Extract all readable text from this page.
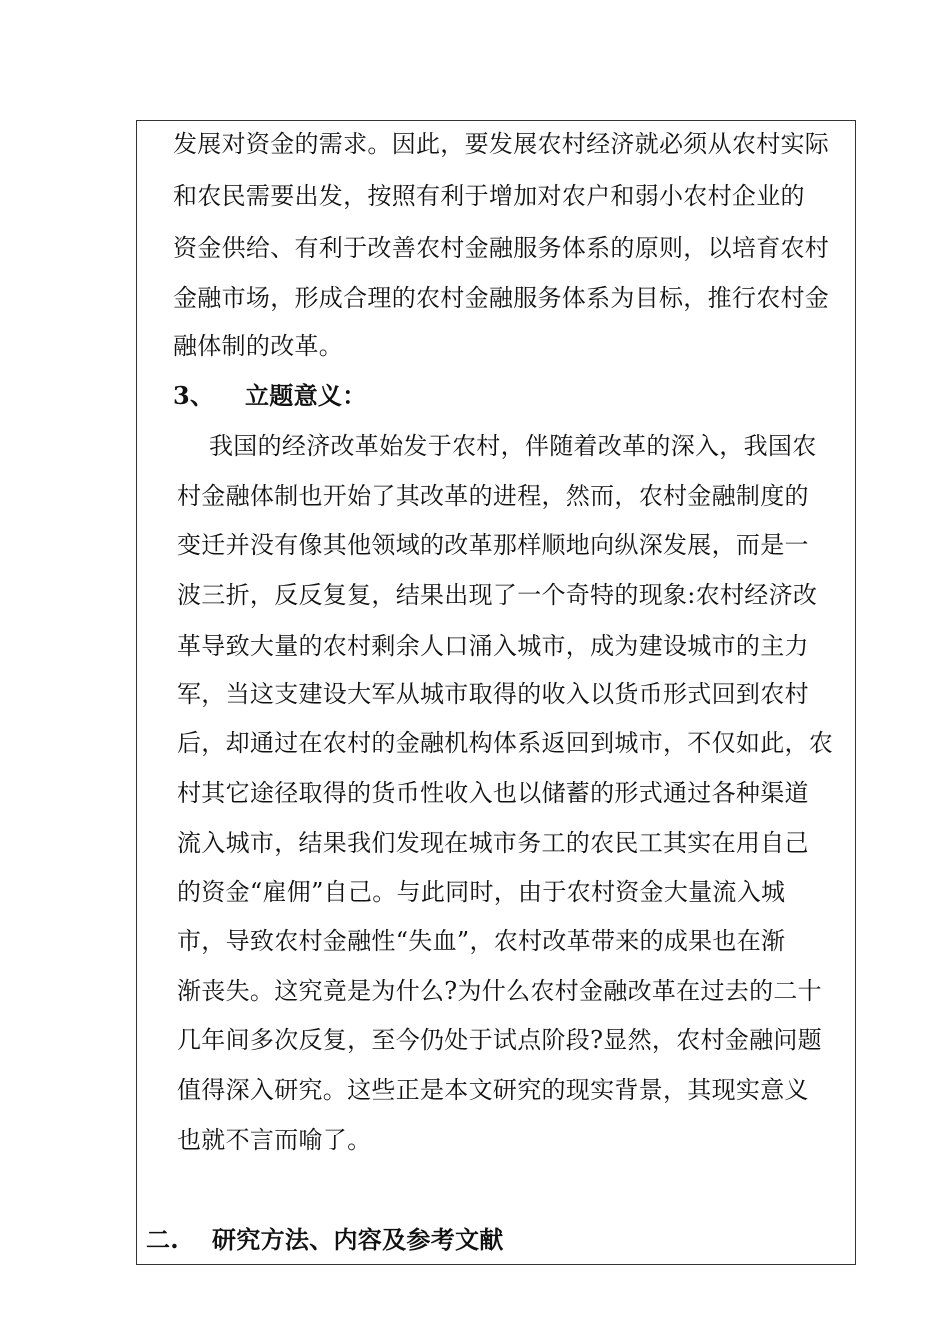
发展对资金的需求。因此，要发展农村经济就必须从农村实际
和农民需要出发，按照有利于增加对农户和弱小农村企业的
资金供给、有利于改善农村金融服务体系的原则，以培育农村
金融市场，形成合理的农村金融服务体系为目标，推行农村金
融体制的改革。
3、 立题意义：
我国的经济改革始发于农村，伴随着改革的深入，我国农
村金融体制也开始了其改革的进程，然而，农村金融制度的
变迁并没有像其他领域的改革那样顺地向纵深发展，而是一
波三折，反反复复，结果出现了一个奇特的现象:农村经济改
革导致大量的农村剩余人口涌入城市，成为建设城市的主力
军，当这支建设大军从城市取得的收入以货币形式回到农村
后，却通过在农村的金融机构体系返回到城市，不仅如此，农
村其它途径取得的货币性收入也以储蓄的形式通过各种渠道
流入城市，结果我们发现在城市务工的农民工其实在用自己
的资金“雇佣”自己。与此同时，由于农村资金大量流入城
市，导致农村金融性“失血”，农村改革带来的成果也在渐
渐丧失。这究竟是为什么?为什么农村金融改革在过去的二十
几年间多次反复，至今仍处于试点阶段?显然，农村金融问题
值得深入研究。这些正是本文研究的现实背景，其现实意义
也就不言而喻了。
二. 研究方法、内容及参考文献
